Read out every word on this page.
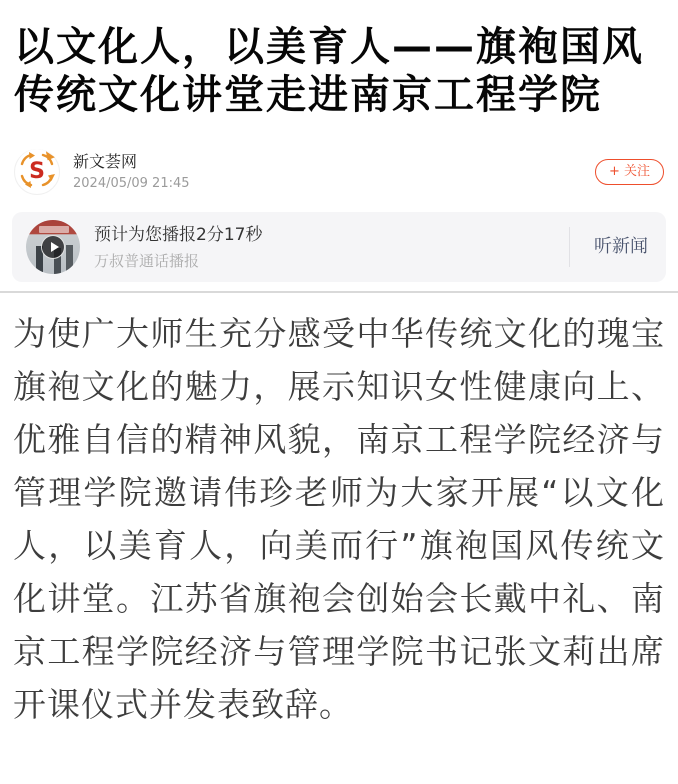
以文化人，以美育人——旗袍国风传统文化讲堂走进南京工程学院
S 新文荟网
2024/05/09 21:45
+ 关注
预计为您播报2分17秒
万叔普通话播报
听新闻

为使广大师生充分感受中华传统文化的瑰宝旗袍文化的魅力，展示知识女性健康向上、优雅自信的精神风貌，南京工程学院经济与管理学院邀请伟珍老师为大家开展“以文化人，以美育人，向美而行”旗袍国风传统文化讲堂。江苏省旗袍会创始会长戴中礼、南京工程学院经济与管理学院书记张文莉出席开课仪式并发表致辞。
